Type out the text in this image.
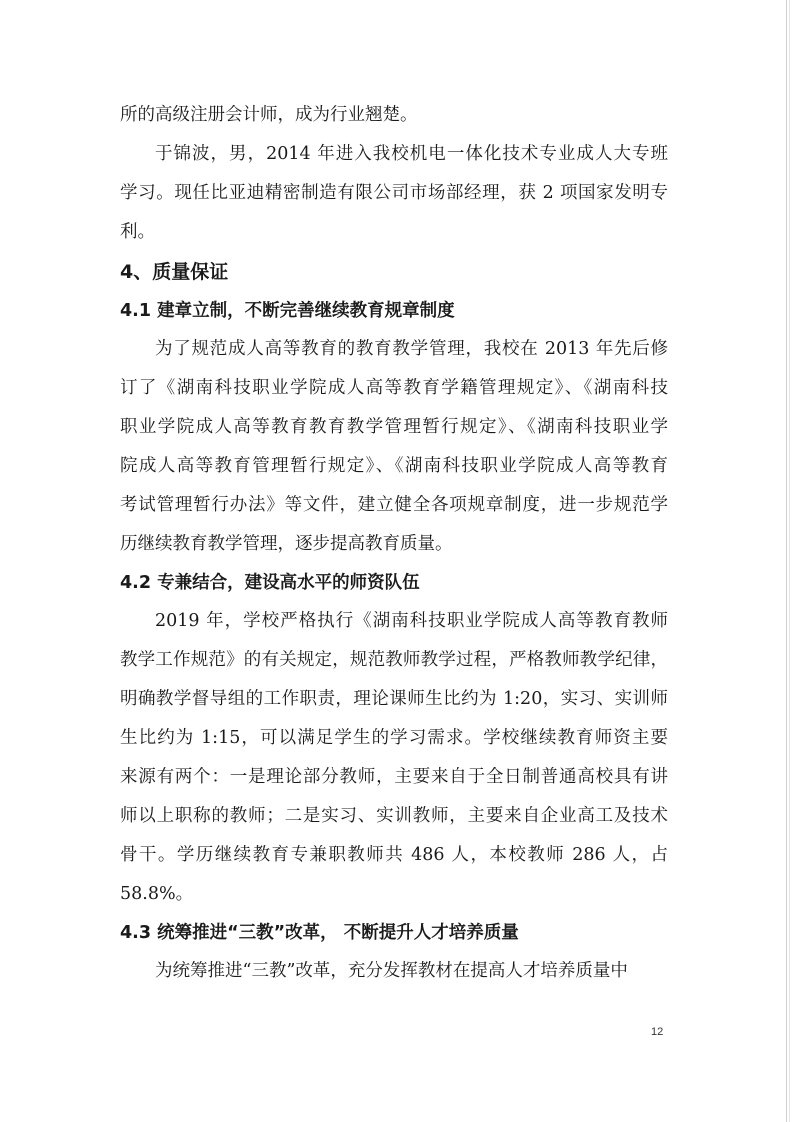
所的高级注册会计师，成为行业翘楚。
于锦波，男，2014 年进入我校机电一体化技术专业成人大专班
学习。现任比亚迪精密制造有限公司市场部经理，获 2 项国家发明专
利。
4、质量保证
4.1 建章立制，不断完善继续教育规章制度
为了规范成人高等教育的教育教学管理，我校在 2013 年先后修
订了《湖南科技职业学院成人高等教育学籍管理规定》、《湖南科技
职业学院成人高等教育教育教学管理暂行规定》、《湖南科技职业学
院成人高等教育管理暂行规定》、《湖南科技职业学院成人高等教育
考试管理暂行办法》等文件，建立健全各项规章制度，进一步规范学
历继续教育教学管理，逐步提高教育质量。
4.2 专兼结合，建设高水平的师资队伍
2019 年，学校严格执行《湖南科技职业学院成人高等教育教师
教学工作规范》的有关规定，规范教师教学过程，严格教师教学纪律，
明确教学督导组的工作职责，理论课师生比约为 1:20，实习、实训师
生比约为 1:15，可以满足学生的学习需求。学校继续教育师资主要
来源有两个：一是理论部分教师，主要来自于全日制普通高校具有讲
师以上职称的教师；二是实习、实训教师，主要来自企业高工及技术
骨干。学历继续教育专兼职教师共 486 人，本校教师 286 人，占 58.8%。
4.3 统筹推进“三教”改革， 不断提升人才培养质量
为统筹推进“三教”改革，充分发挥教材在提高人才培养质量中
12
